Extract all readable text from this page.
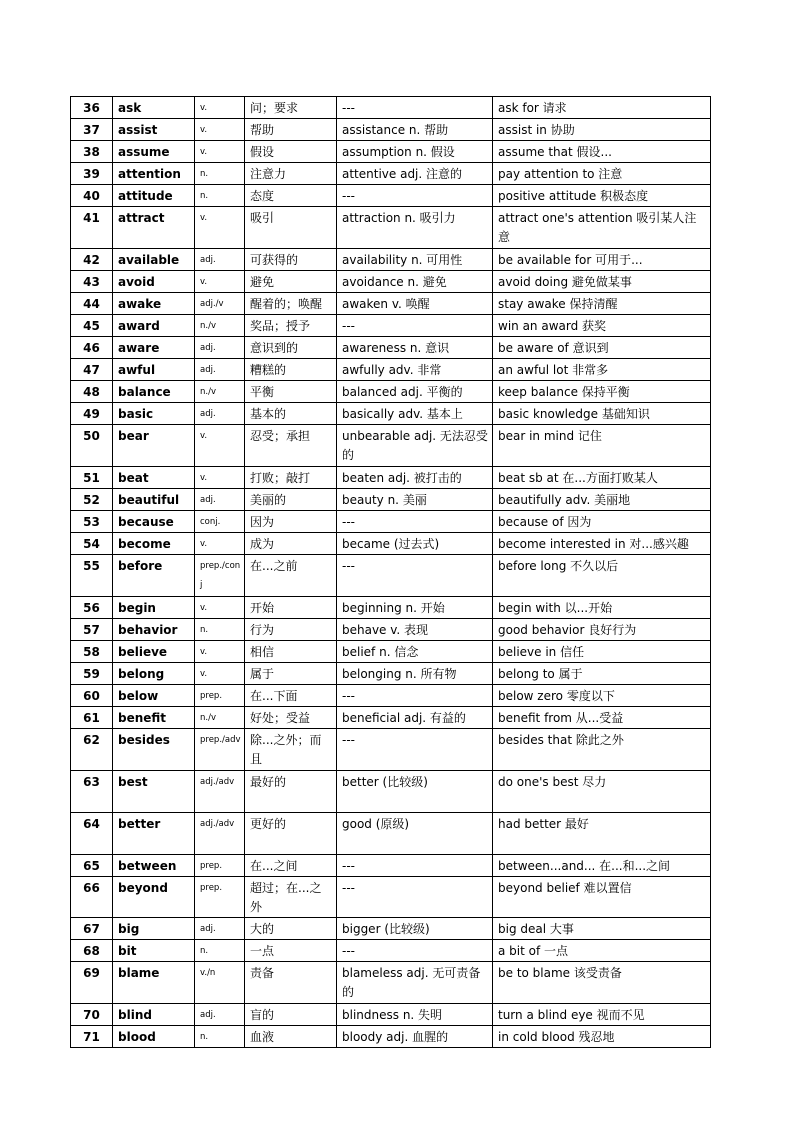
36	ask	v.	问；要求	---	ask for 请求
37	assist	v.	帮助	assistance n. 帮助	assist in 协助
38	assume	v.	假设	assumption n. 假设	assume that 假设...
39	attention	n.	注意力	attentive adj. 注意的	pay attention to 注意
40	attitude	n.	态度	---	positive attitude 积极态度
41	attract	v.	吸引	attraction n. 吸引力	attract one's attention 吸引某人注意
42	available	adj.	可获得的	availability n. 可用性	be available for 可用于...
43	avoid	v.	避免	avoidance n. 避免	avoid doing 避免做某事
44	awake	adj./v	醒着的；唤醒	awaken v. 唤醒	stay awake 保持清醒
45	award	n./v	奖品；授予	---	win an award 获奖
46	aware	adj.	意识到的	awareness n. 意识	be aware of 意识到
47	awful	adj.	糟糕的	awfully adv. 非常	an awful lot 非常多
48	balance	n./v	平衡	balanced adj. 平衡的	keep balance 保持平衡
49	basic	adj.	基本的	basically adv. 基本上	basic knowledge 基础知识
50	bear	v.	忍受；承担	unbearable adj. 无法忍受的	bear in mind 记住
51	beat	v.	打败；敲打	beaten adj. 被打击的	beat sb at 在...方面打败某人
52	beautiful	adj.	美丽的	beauty n. 美丽	beautifully adv. 美丽地
53	because	conj.	因为	---	because of 因为
54	become	v.	成为	became (过去式)	become interested in 对...感兴趣
55	before	prep./conj	在...之前	---	before long 不久以后
56	begin	v.	开始	beginning n. 开始	begin with 以...开始
57	behavior	n.	行为	behave v. 表现	good behavior 良好行为
58	believe	v.	相信	belief n. 信念	believe in 信任
59	belong	v.	属于	belonging n. 所有物	belong to 属于
60	below	prep.	在...下面	---	below zero 零度以下
61	benefit	n./v	好处；受益	beneficial adj. 有益的	benefit from 从...受益
62	besides	prep./adv	除...之外；而且	---	besides that 除此之外
63	best	adj./adv	最好的	better (比较级)	do one's best 尽力
64	better	adj./adv	更好的	good (原级)	had better 最好
65	between	prep.	在...之间	---	between...and... 在...和...之间
66	beyond	prep.	超过；在...之外	---	beyond belief 难以置信
67	big	adj.	大的	bigger (比较级)	big deal 大事
68	bit	n.	一点	---	a bit of 一点
69	blame	v./n	责备	blameless adj. 无可责备的	be to blame 该受责备
70	blind	adj.	盲的	blindness n. 失明	turn a blind eye 视而不见
71	blood	n.	血液	bloody adj. 血腥的	in cold blood 残忍地
